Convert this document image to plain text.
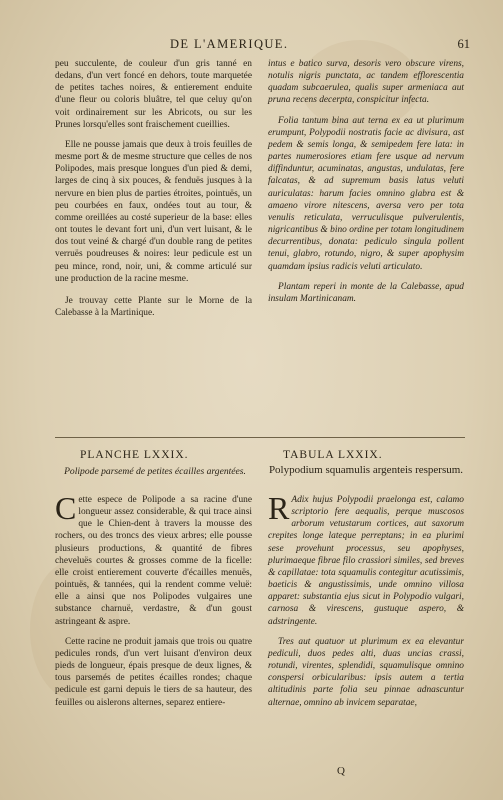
DE L'AMERIQUE.	61

peu succulente, de couleur d'un gris tanné en dedans, d'un vert foncé en dehors, toute marquetée de petites taches noires, & entierement enduite d'une fleur ou coloris bluâtre, tel que celuy qu'on voit ordinairement sur les Abricots, ou sur les Prunes lorsqu'elles sont fraischement cueillies.

Elle ne pousse jamais que deux à trois feuilles de mesme port & de mesme structure que celles de nos Polipodes, mais presque longues d'un pied & demi, larges de cinq à six pouces, & fenduës jusques à la nervure en bien plus de parties étroites, pointuës, un peu courbées en faux, ondées tout au tour, & comme oreillées au costé superieur de la base: elles ont toutes le devant fort uni, d'un vert luisant, & le dos tout veiné & chargé d'un double rang de petites verruës poudreuses & noires: leur pedicule est un peu mince, rond, noir, uni, & comme articulé sur une production de la racine mesme.

Je trouvay cette Plante sur le Morne de la Calebasse à la Martinique.

intus e batico surva, desoris vero obscure virens, notulis nigris punctata, ac tandem efflorescentia quadam subcaerulea, qualis super armeniaca aut pruna recens decerpta, conspicitur infecta.

Folia tantum bina aut terna ex ea ut plurimum erumpunt, Polypodii nostratis facie ac divisura, ast pedem & semis longa, & semipedem fere lata: in partes numerosiores etiam fere usque ad nervum diffinduntur, acuminatas, angustas, undulatas, fere falcatas, & ad supremum basis latus veluti auriculatas: harum facies omnino glabra est & amaeno virore nitescens, aversa vero per tota venulis reticulata, verruculisque pulverulentis, nigricantibus & bino ordine per totam longitudinem decurrentibus, donata: pediculo singula pollent tenui, glabro, rotundo, nigro, & super apophysim quamdam ipsius radicis veluti articulato.

Plantam reperi in monte de la Calebasse, apud insulam Martinicanam.

PLANCHE LXXIX.	TABULA LXXIX.
Polipode parsemé de petites écailles argentées.	Polypodium squamulis argenteis respersum.

Cette espece de Polipode a sa racine d'une longueur assez considerable, & qui trace ainsi que le Chien-dent à travers la mousse des rochers, ou des troncs des vieux arbres; elle pousse plusieurs productions, & quantité de fibres cheveluës courtes & grosses comme de la ficelle: elle croist entierement couverte d'écailles menuës, pointuës, & tannées, qui la rendent comme veluë: elle a ainsi que nos Polipodes vulgaires une substance charnuë, verdastre, & d'un goust astringeant & aspre.

Cette racine ne produit jamais que trois ou quatre pedicules ronds, d'un vert luisant d'environ deux pieds de longueur, épais presque de deux lignes, & tous parsemés de petites écailles rondes; chaque pedicule est garni depuis le tiers de sa hauteur, des feuilles ou aislerons alternes, separez entiere-

R Adix hujus Polypodii praelonga est, calamo scriptorio fere aequalis, perque muscosos arborum vetustarum cortices, aut saxorum crepites longe lateque perreptans; in ea plurimi sese provehunt processus, seu apophyses, plurimaeque fibrae filo crassiori similes, sed breves & capillatae: tota squamulis contegitur acutissimis, baeticis & angustissimis, unde omnino villosa apparet: substantia ejus sicut in Polypodio vulgari, carnosa & virescens, gustuque aspero, & adstringente.

Tres aut quatuor ut plurimum ex ea elevantur pediculi, duos pedes alti, duas uncias crassi, rotundi, virentes, splendidi, squamulisque omnino conspersi orbicularibus: ipsis autem a tertia altitudinis parte folia seu pinnae adnascuntur alternae, omnino ab invicem separatae,

Q
